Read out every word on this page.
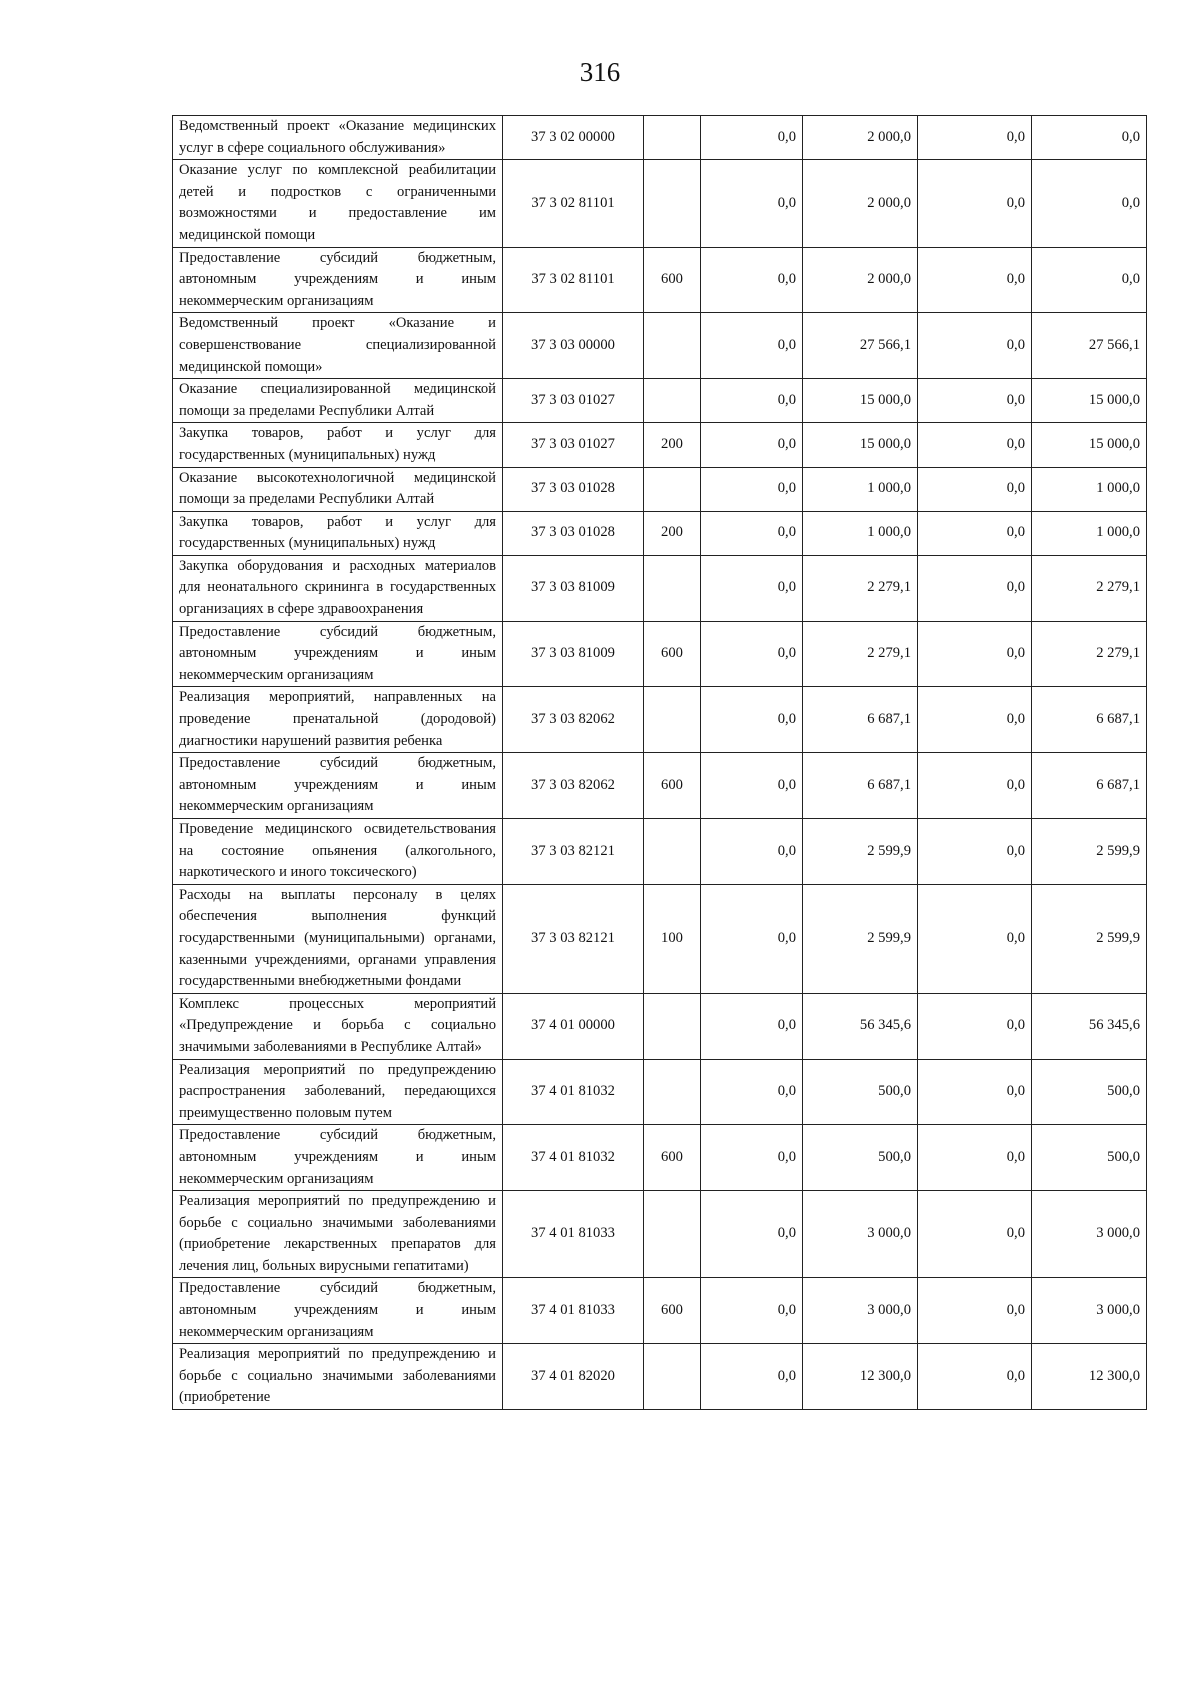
316
Ведомственный проект «Оказание медицинских услуг в сфере социального обслуживания»	37 3 02 00000		0,0	2 000,0	0,0	0,0
Оказание услуг по комплексной реабилитации детей и подростков с ограниченными возможностями и предоставление им медицинской помощи	37 3 02 81101		0,0	2 000,0	0,0	0,0
Предоставление субсидий бюджетным, автономным учреждениям и иным некоммерческим организациям	37 3 02 81101	600	0,0	2 000,0	0,0	0,0
Ведомственный проект «Оказание и совершенствование специализированной медицинской помощи»	37 3 03 00000		0,0	27 566,1	0,0	27 566,1
Оказание специализированной медицинской помощи за пределами Республики Алтай	37 3 03 01027		0,0	15 000,0	0,0	15 000,0
Закупка товаров, работ и услуг для государственных (муниципальных) нужд	37 3 03 01027	200	0,0	15 000,0	0,0	15 000,0
Оказание высокотехнологичной медицинской помощи за пределами Республики Алтай	37 3 03 01028		0,0	1 000,0	0,0	1 000,0
Закупка товаров, работ и услуг для государственных (муниципальных) нужд	37 3 03 01028	200	0,0	1 000,0	0,0	1 000,0
Закупка оборудования и расходных материалов для неонатального скрининга в государственных организациях в сфере здравоохранения	37 3 03 81009		0,0	2 279,1	0,0	2 279,1
Предоставление субсидий бюджетным, автономным учреждениям и иным некоммерческим организациям	37 3 03 81009	600	0,0	2 279,1	0,0	2 279,1
Реализация мероприятий, направленных на проведение пренатальной (дородовой) диагностики нарушений развития ребенка	37 3 03 82062		0,0	6 687,1	0,0	6 687,1
Предоставление субсидий бюджетным, автономным учреждениям и иным некоммерческим организациям	37 3 03 82062	600	0,0	6 687,1	0,0	6 687,1
Проведение медицинского освидетельствования на состояние опьянения (алкогольного, наркотического и иного токсического)	37 3 03 82121		0,0	2 599,9	0,0	2 599,9
Расходы на выплаты персоналу в целях обеспечения выполнения функций государственными (муниципальными) органами, казенными учреждениями, органами управления государственными внебюджетными фондами	37 3 03 82121	100	0,0	2 599,9	0,0	2 599,9
Комплекс процессных мероприятий «Предупреждение и борьба с социально значимыми заболеваниями в Республике Алтай»	37 4 01 00000		0,0	56 345,6	0,0	56 345,6
Реализация мероприятий по предупреждению распространения заболеваний, передающихся преимущественно половым путем	37 4 01 81032		0,0	500,0	0,0	500,0
Предоставление субсидий бюджетным, автономным учреждениям и иным некоммерческим организациям	37 4 01 81032	600	0,0	500,0	0,0	500,0
Реализация мероприятий по предупреждению и борьбе с социально значимыми заболеваниями (приобретение лекарственных препаратов для лечения лиц, больных вирусными гепатитами)	37 4 01 81033		0,0	3 000,0	0,0	3 000,0
Предоставление субсидий бюджетным, автономным учреждениям и иным некоммерческим организациям	37 4 01 81033	600	0,0	3 000,0	0,0	3 000,0
Реализация мероприятий по предупреждению и борьбе с социально значимыми заболеваниями (приобретение	37 4 01 82020		0,0	12 300,0	0,0	12 300,0
